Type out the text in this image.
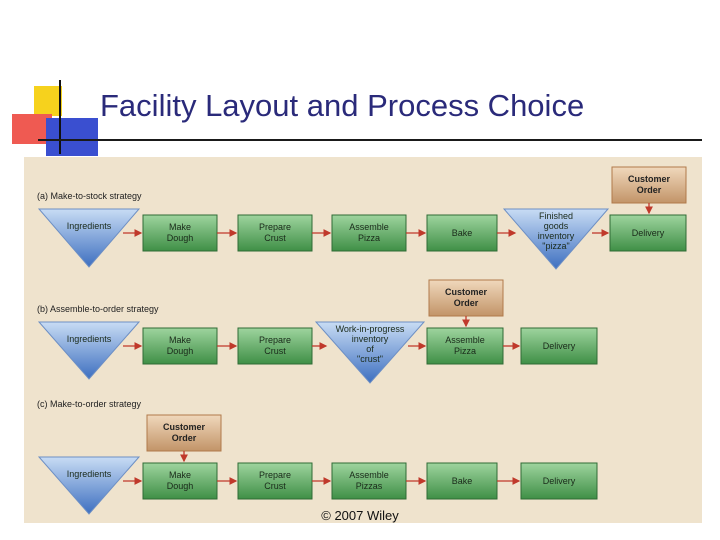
Facility Layout and Process Choice
(a) Make-to-stock strategy
Customer
Order
Ingredients	Make
Dough
Prepare
Crust
Assemble
Pizza	Bake
Finished
goods
inventory
"pizza"
Delivery
(b) Assemble-to-order strategy
Customer
Order
Ingredients	Make
Dough
Prepare
Crust
Work-in-progress
inventory
of
"crust"
Assemble
Pizza	Delivery
(c) Make-to-order strategy
Customer
Order
Ingredients	Make
Dough
Prepare
Crust
Assemble
Pizzas	Bake	Delivery
© 2007 Wiley
